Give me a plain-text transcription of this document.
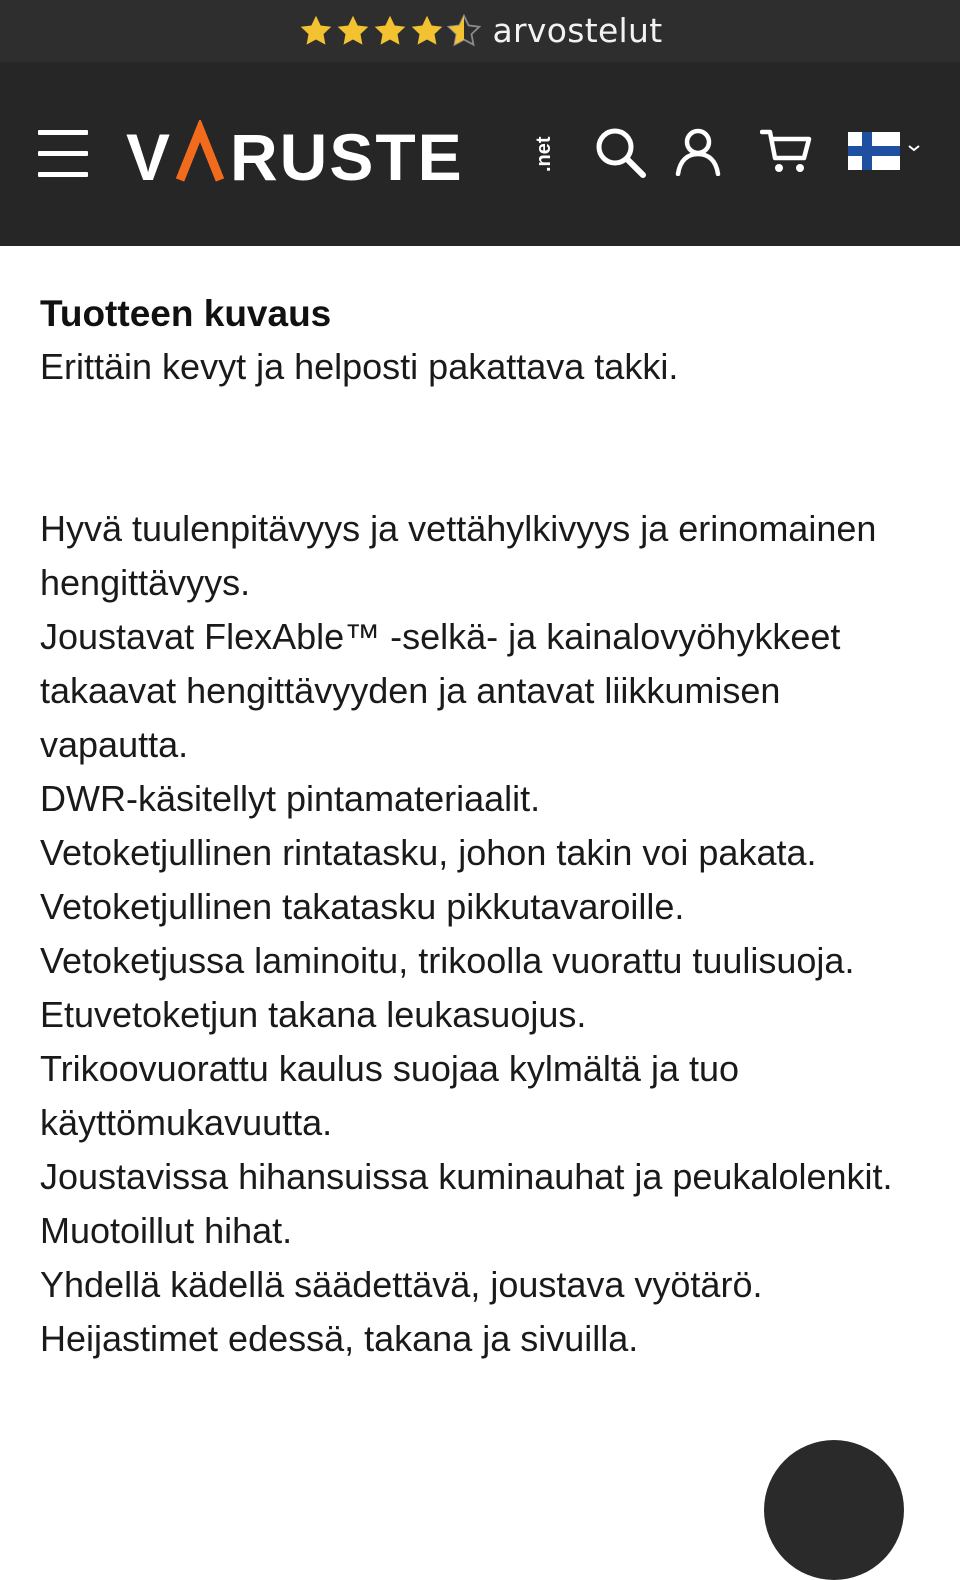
arvostelut
V RUSTE	.net
Tuotteen kuvaus

Erittäin kevyt ja helposti pakattava takki.

Hyvä tuulenpitävyys ja vettähylkivyys ja erinomainen hengittävyys.
Joustavat FlexAble™ -selkä- ja kainalovyöhykkeet takaavat hengittävyyden ja antavat liikkumisen vapautta.
DWR-käsitellyt pintamateriaalit.
Vetoketjullinen rintatasku, johon takin voi pakata.
Vetoketjullinen takatasku pikkutavaroille.
Vetoketjussa laminoitu, trikoolla vuorattu tuulisuoja. Etuvetoketjun takana leukasuojus.
Trikoovuorattu kaulus suojaa kylmältä ja tuo käyttömukavuutta.
Joustavissa hihansuissa kuminauhat ja peukalolenkit.
Muotoillut hihat.
Yhdellä kädellä säädettävä, joustava vyötärö.
Heijastimet edessä, takana ja sivuilla.
